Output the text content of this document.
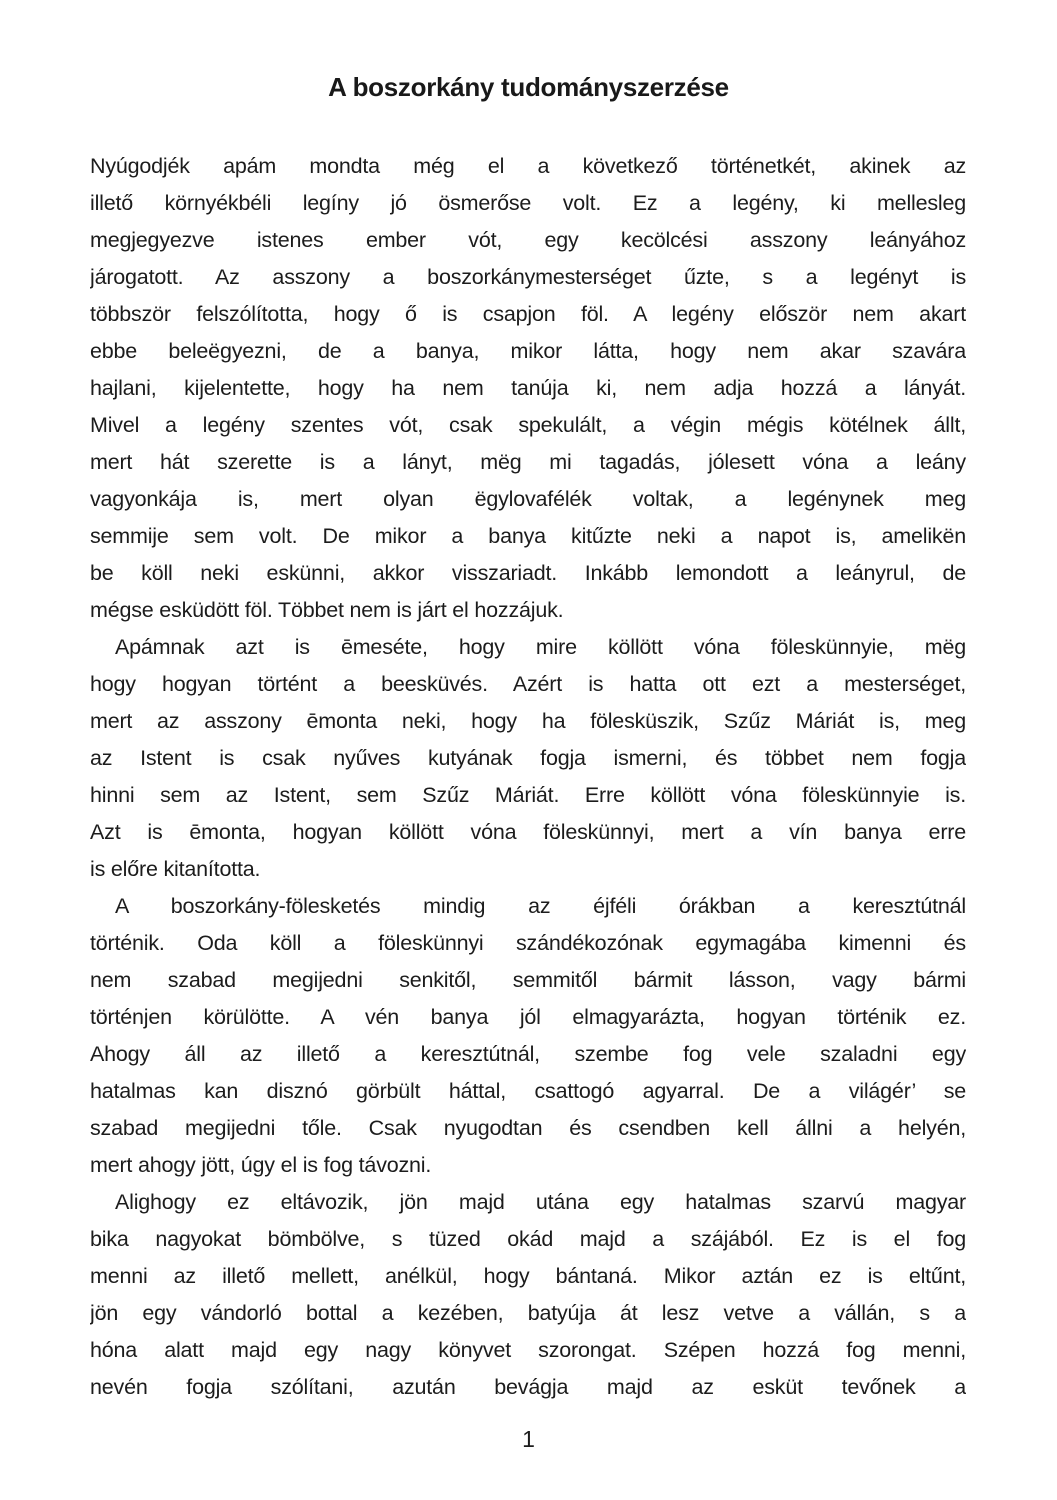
A boszorkány tudományszerzése
Nyúgodjék apám mondta még el a következő történetkét, akinek az
illető környékbéli legíny jó ösmerőse volt. Ez a legény, ki mellesleg
megjegyezve istenes ember vót, egy kecölcési asszony leányához
járogatott. Az asszony a boszorkánymesterséget űzte, s a legényt is
többször felszólította, hogy ő is csapjon föl. A legény először nem akart
ebbe beleëgyezni, de a banya, mikor látta, hogy nem akar szavára
hajlani, kijelentette, hogy ha nem tanúja ki, nem adja hozzá a lányát.
Mivel a legény szentes vót, csak spekulált, a végin mégis kötélnek állt,
mert hát szerette is a lányt, mëg mi tagadás, jólesett vóna a leány
vagyonkája is, mert olyan ëgylovafélék voltak, a legénynek meg
semmije sem volt. De mikor a banya kitűzte neki a napot is, amelikën
be köll neki eskünni, akkor visszariadt. Inkább lemondott a leányrul, de
mégse esküdött föl. Többet nem is járt el hozzájuk.
Apámnak azt is ēmeséte, hogy mire köllött vóna föleskünnyie, mëg
hogy hogyan történt a beesküvés. Azért is hatta ott ezt a mesterséget,
mert az asszony ēmonta neki, hogy ha fölesküszik, Szűz Máriát is, meg
az Istent is csak nyűves kutyának fogja ismerni, és többet nem fogja
hinni sem az Istent, sem Szűz Máriát. Erre köllött vóna föleskünnyie is.
Azt is ēmonta, hogyan köllött vóna föleskünnyi, mert a vín banya erre
is előre kitanította.
A boszorkány-fölesketés mindig az éjféli órákban a keresztútnál
történik. Oda köll a föleskünnyi szándékozónak egymagába kimenni és
nem szabad megijedni senkitől, semmitől bármit lásson, vagy bármi
történjen körülötte. A vén banya jól elmagyarázta, hogyan történik ez.
Ahogy áll az illető a keresztútnál, szembe fog vele szaladni egy
hatalmas kan disznó görbült háttal, csattogó agyarral. De a világér’ se
szabad megijedni tőle. Csak nyugodtan és csendben kell állni a helyén,
mert ahogy jött, úgy el is fog távozni.
Alighogy ez eltávozik, jön majd utána egy hatalmas szarvú magyar
bika nagyokat bömbölve, s tüzed okád majd a szájából. Ez is el fog
menni az illető mellett, anélkül, hogy bántaná. Mikor aztán ez is eltűnt,
jön egy vándorló bottal a kezében, batyúja át lesz vetve a vállán, s a
hóna alatt majd egy nagy könyvet szorongat. Szépen hozzá fog menni,
nevén fogja szólítani, azután bevágja majd az esküt tevőnek a
1
